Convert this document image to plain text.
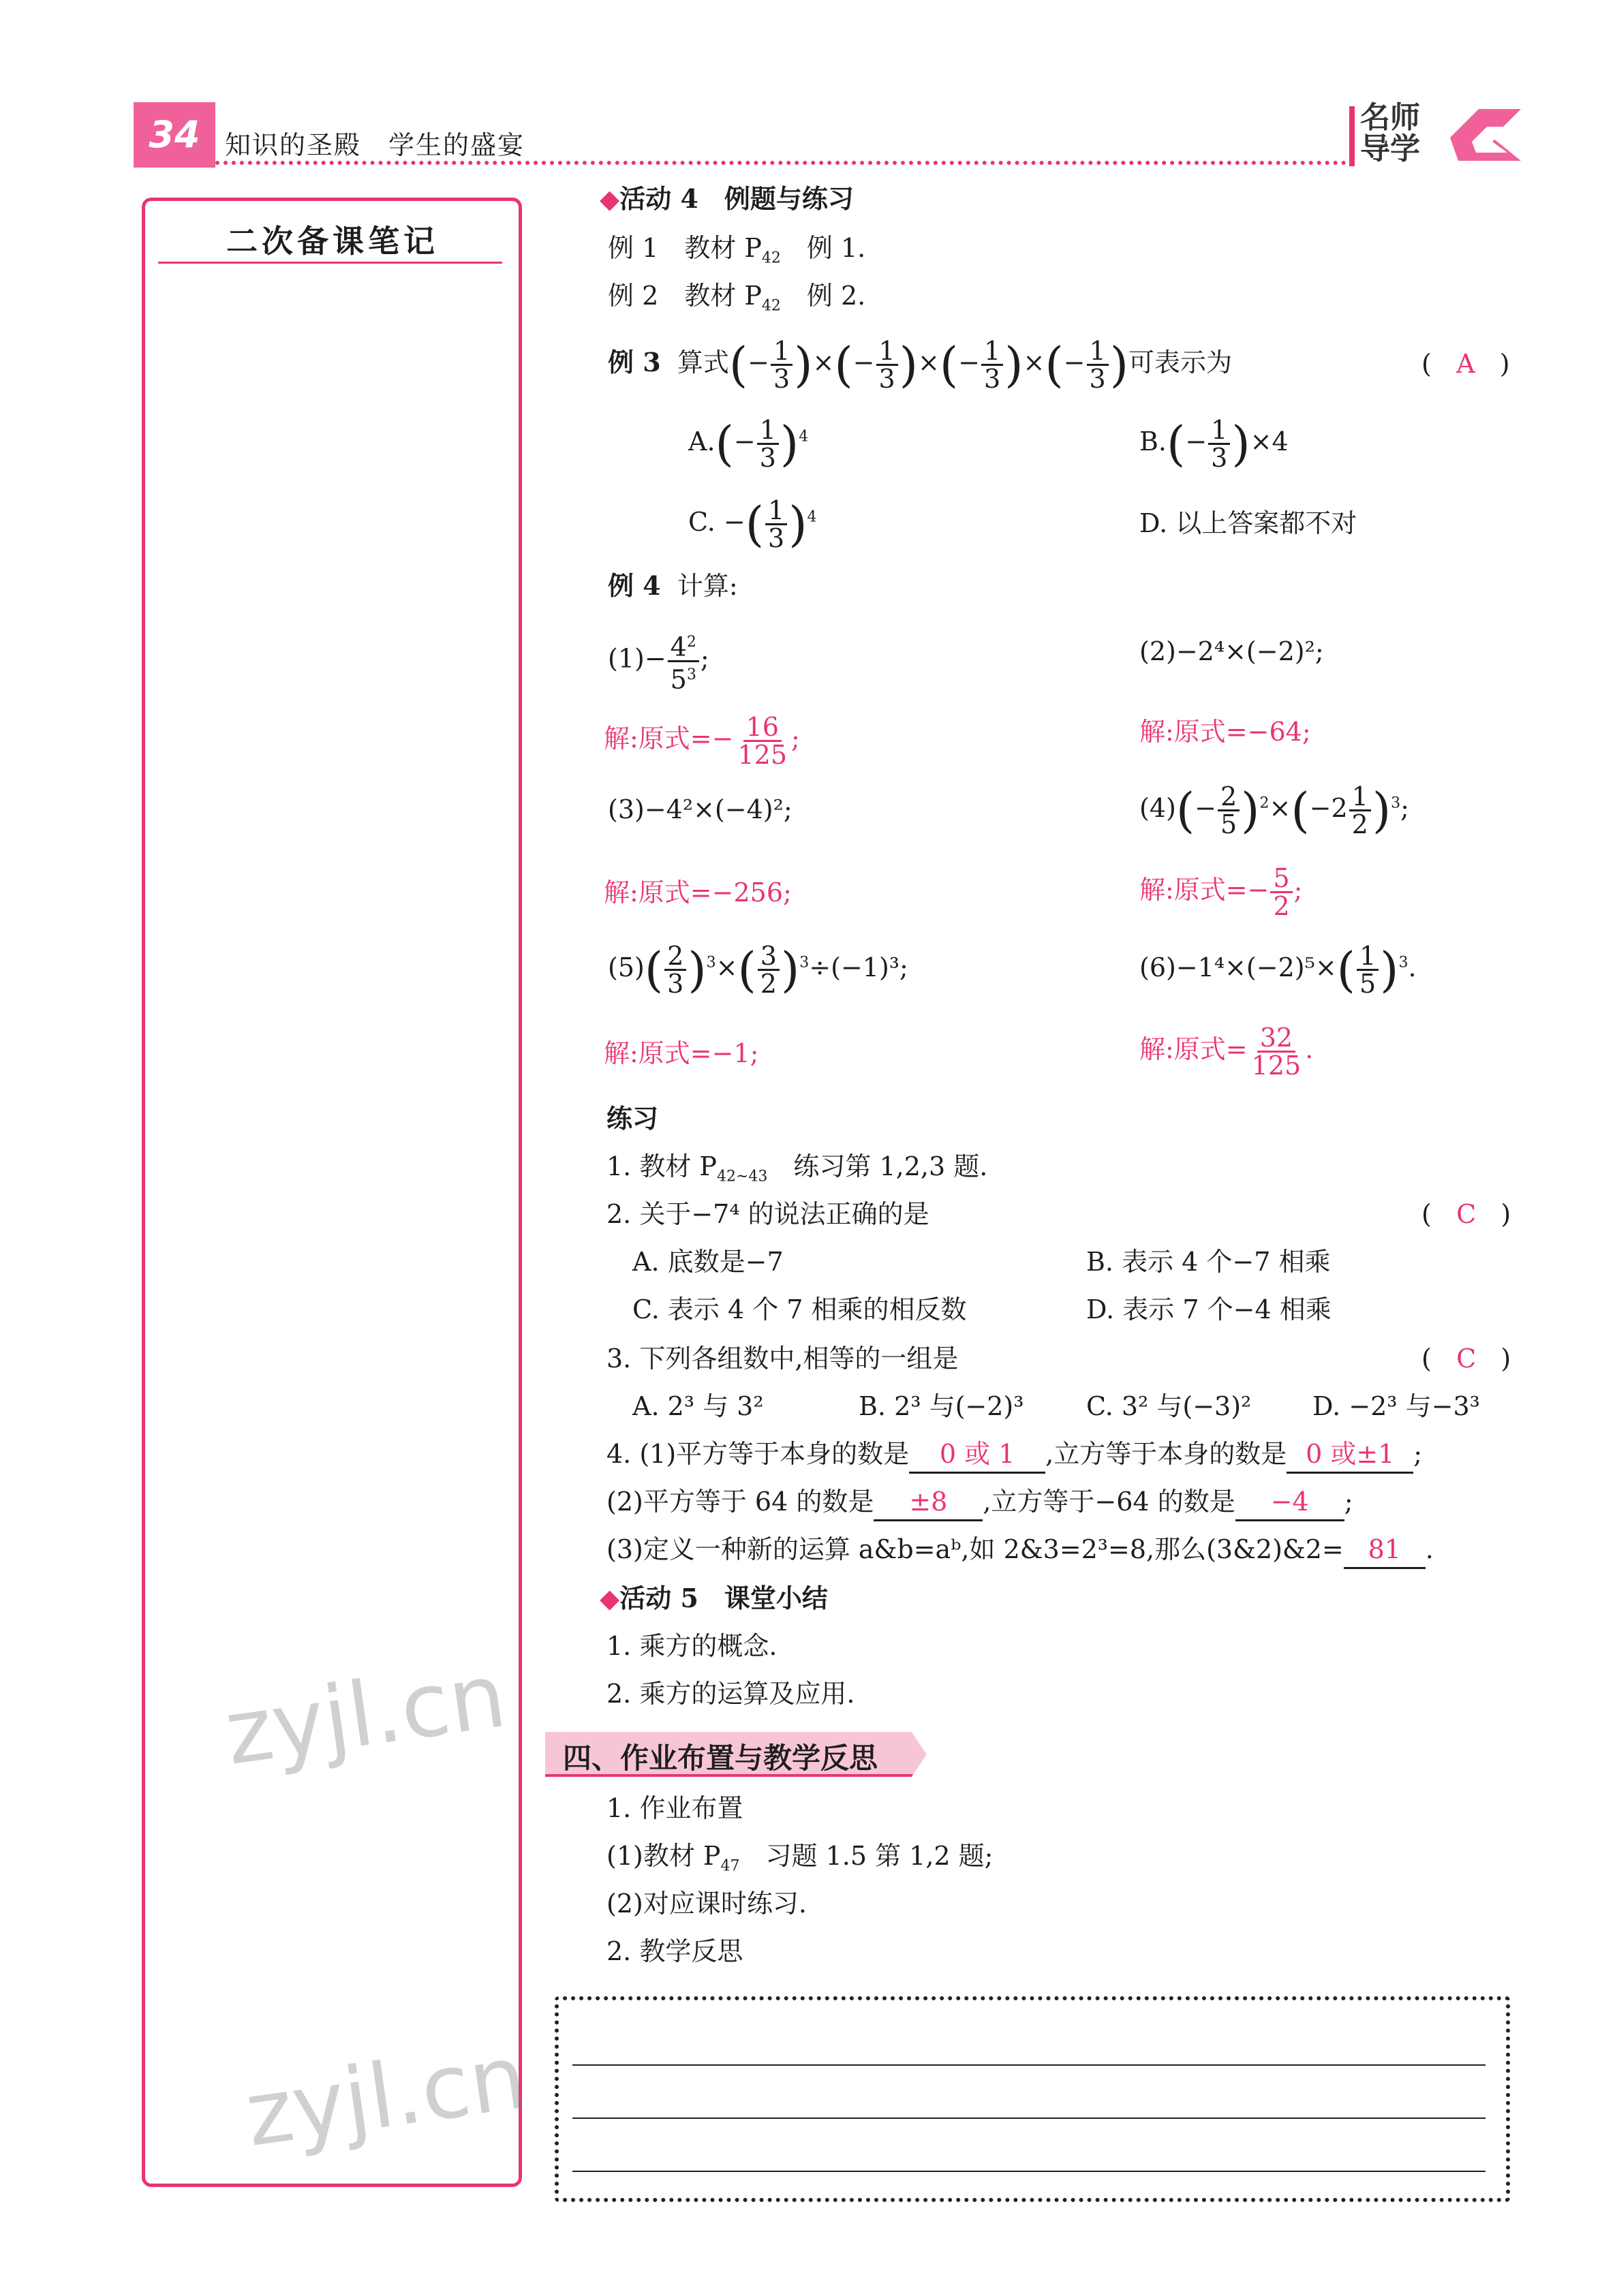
34 知识的圣殿　学生的盛宴
名师
导学
二次备课笔记
◆活动 4　例题与练习
例 1　教材 $P_{42}$　例 1.
例 2　教材 $P_{42}$　例 2.
例 3 算式(− $\frac{1}{3}$ )×(− $\frac{1}{3}$ )×(− $\frac{1}{3}$ )×(− $\frac{1}{3}$ )可表示为	(   A   )
$A.(- \frac{1}{3} )^4$	$B.(- \frac{1}{3} )\times 4$
C. −( $\frac{1}{3} )^4$	D. 以上答案都不对
例 4 计算:
$(1)- \frac{4^2}{5^3}$ ;	(2)−2⁴×(−2)²;
解:原式=− $\frac{16}{125}$ ;	解:原式=−64;
(3)−4²×(−4)²;	$(4)(- \frac{2}{5} )^2\times(-2 \frac{1}{2} )^3$;
解:原式=−256;	解:原式=− $\frac{5}{2}$ ;
$(5)( \frac{2}{3} )^3\times( \frac{3}{2} )^3\div(-1)^3$;	$(6)-1^4\times(-2)^5\times( \frac{1}{5} )^3$.
解:原式=−1;	解:原式= $\frac{32}{125}$ .
练习
1. 教材 $P_{42\sim 43}$　练习第 1,2,3 题.
2. 关于−7⁴ 的说法正确的是	(   C   )
A. 底数是−7	B. 表示 4 个−7 相乘
C. 表示 4 个 7 相乘的相反数	D. 表示 7 个−4 相乘
3. 下列各组数中,相等的一组是	(   C   )
A. 2³ 与 3²	B. 2³ 与(−2)³ C. 3² 与(−3)² D. −2³ 与−3³
4. (1)平方等于本身的数是 0 或 1 ,立方等于本身的数是 0 或±1 ;
(2)平方等于 64 的数是 ±8 ,立方等于−64 的数是 −4 ;
(3)定义一种新的运算 a&b=aᵇ,如 2&3=2³=8,那么(3&2)&2= 81 .
◆活动 5　课堂小结
1. 乘方的概念.
2. 乘方的运算及应用.
四、作业布置与教学反思
1. 作业布置
(1)教材 $P_{47}$　习题 1.5 第 1,2 题;
(2)对应课时练习.
2. 教学反思
zyjl.cn
zyjl.cn
